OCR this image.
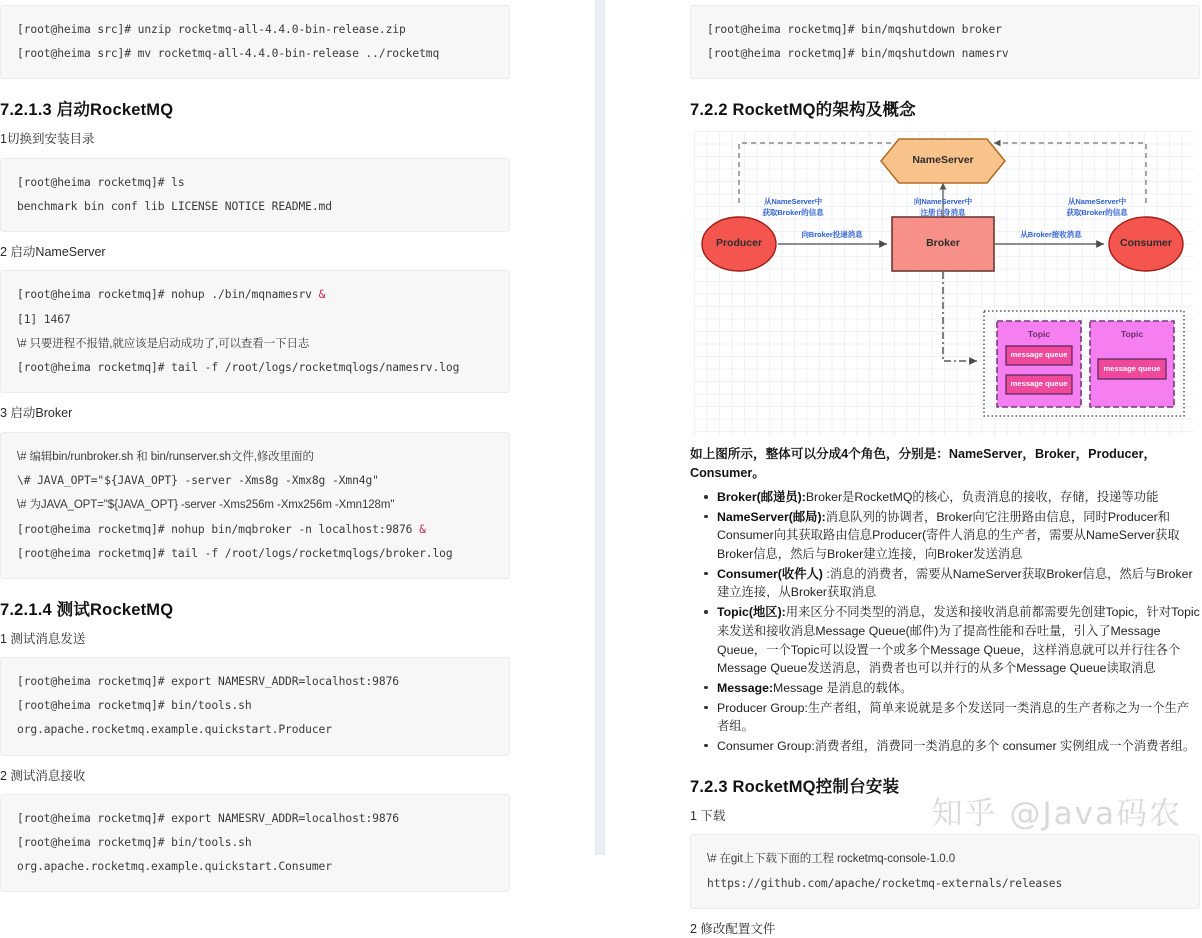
[root@heima src]# unzip rocketmq-all-4.4.0-bin-release.zip
[root@heima src]# mv rocketmq-all-4.4.0-bin-release ../rocketmq
7.2.1.3 启动RocketMQ

1切换到安装目录

[root@heima rocketmq]# ls
benchmark bin conf lib LICENSE NOTICE README.md

2 启动NameServer

[root@heima rocketmq]# nohup ./bin/mqnamesrv &
[1] 1467
\# 只要进程不报错,就应该是启动成功了,可以查看一下日志
[root@heima rocketmq]# tail -f /root/logs/rocketmqlogs/namesrv.log

3 启动Broker

\# 编辑bin/runbroker.sh 和 bin/runserver.sh文件,修改里面的
\# JAVA_OPT="${JAVA_OPT} -server -Xms8g -Xmx8g -Xmn4g"
\# 为JAVA_OPT="${JAVA_OPT} -server -Xms256m -Xmx256m -Xmn128m"
[root@heima rocketmq]# nohup bin/mqbroker -n localhost:9876 &
[root@heima rocketmq]# tail -f /root/logs/rocketmqlogs/broker.log
7.2.1.4 测试RocketMQ

1 测试消息发送

[root@heima rocketmq]# export NAMESRV_ADDR=localhost:9876
[root@heima rocketmq]# bin/tools.sh
org.apache.rocketmq.example.quickstart.Producer

2 测试消息接收

[root@heima rocketmq]# export NAMESRV_ADDR=localhost:9876
[root@heima rocketmq]# bin/tools.sh
org.apache.rocketmq.example.quickstart.Consumer
[root@heima rocketmq]# bin/mqshutdown broker
[root@heima rocketmq]# bin/mqshutdown namesrv
7.2.2 RocketMQ的架构及概念
NameServer
Producer	Broker	Consumer
Topic	Topic
message queue
message queue
message queue
从NameServer中
获取Broker的信息
向NameServer中
注册自身消息
从NameServer中
获取Broker的信息
向Broker投递消息	从Broker接收消息

如上图所示，整体可以分成4个角色，分别是：NameServer，Broker，Producer，Consumer。

Broker(邮递员):Broker是RocketMQ的核心，负责消息的接收，存储，投递等功能
NameServer(邮局):消息队列的协调者，Broker向它注册路由信息，同时Producer和Consumer向其获取路由信息Producer(寄件人消息的生产者，需要从NameServer获取Broker信息，然后与Broker建立连接，向Broker发送消息
Consumer(收件人) :消息的消费者，需要从NameServer获取Broker信息，然后与Broker建立连接，从Broker获取消息
Topic(地区):用来区分不同类型的消息，发送和接收消息前都需要先创建Topic，针对Topic来发送和接收消息Message Queue(邮件)为了提高性能和吞吐量，引入了Message Queue，一个Topic可以设置一个或多个Message Queue，这样消息就可以并行往各个Message Queue发送消息，消费者也可以并行的从多个Message Queue读取消息
Message:Message 是消息的载体。
Producer Group:生产者组，简单来说就是多个发送同一类消息的生产者称之为一个生产者组。
Consumer Group:消费者组，消费同一类消息的多个 consumer 实例组成一个消费者组。
7.2.3 RocketMQ控制台安装

1 下载

\# 在git上下载下面的工程 rocketmq-console-1.0.0
https://github.com/apache/rocketmq-externals/releases

2 修改配置文件

知乎 @Java码农
